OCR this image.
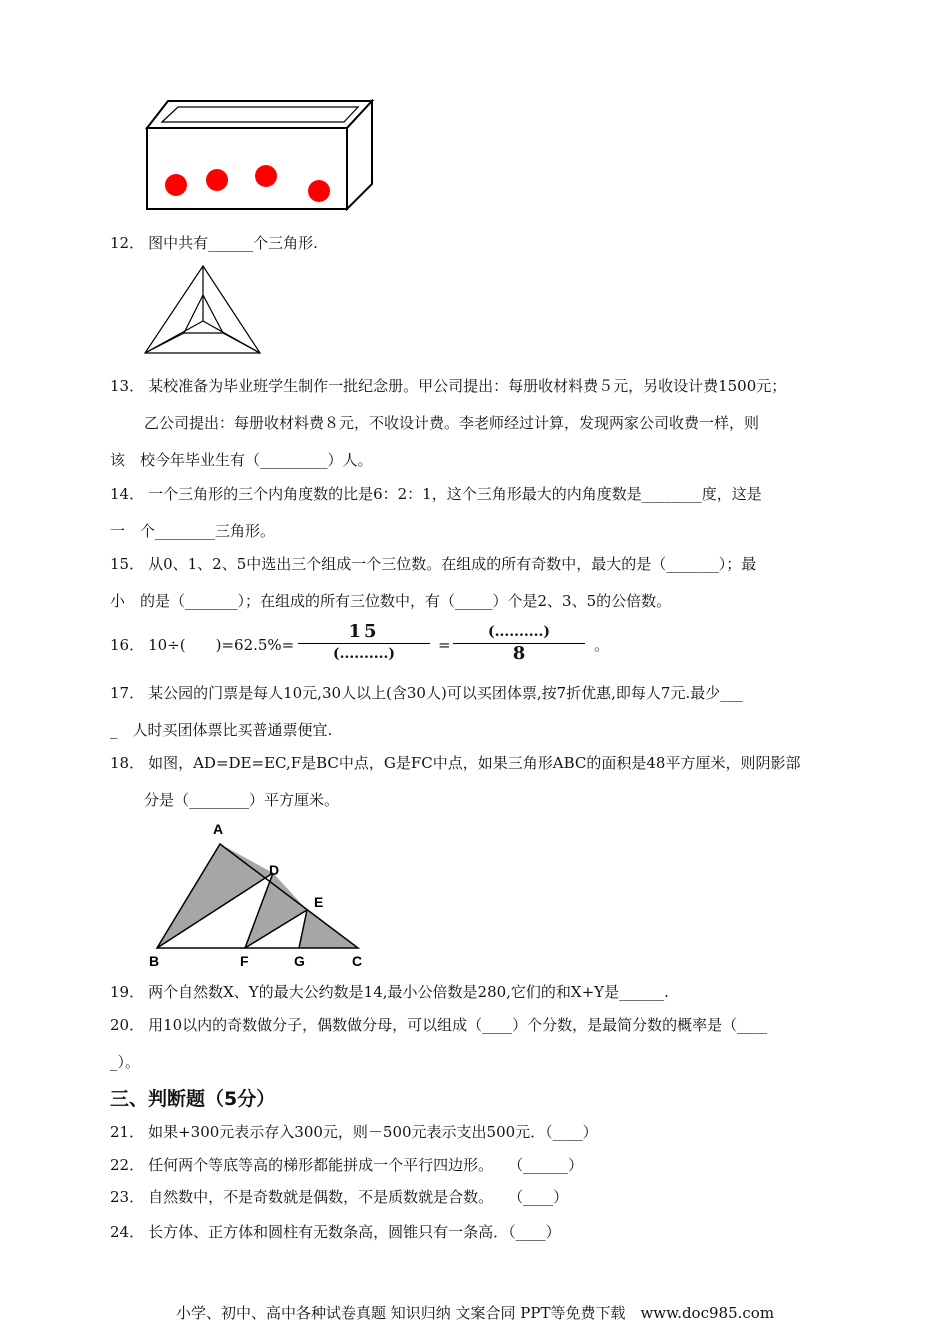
12． 图中共有______个三角形.
13． 某校准备为毕业班学生制作一批纪念册。甲公司提出：每册收材料费５元，另收设计费1500元；
乙公司提出：每册收材料费８元，不收设计费。李老师经过计算，发现两家公司收费一样，则
该　校今年毕业生有（_________）人。
14． 一个三角形的三个内角度数的比是6：2：1，这个三角形最大的内角度数是________度，这是
一　个________三角形。
15． 从0、1、2、5中选出三个组成一个三位数。在组成的所有奇数中，最大的是（_______）；最
小　的是（_______）；在组成的所有三位数中，有（_____）个是2、3、5的公倍数。
16． 10÷(　　)=62.5%=
15
(..........)	=
(..........)
8	。
17． 某公园的门票是每人10元,30人以上(含30人)可以买团体票,按7折优惠,即每人7元.最少___
_　人时买团体票比买普通票便宜.
18． 如图，AD=DE=EC,F是BC中点，G是FC中点，如果三角形ABC的面积是48平方厘米，则阴影部
分是（________）平方厘米。
A
D
E
B	F	G	C
19． 两个自然数X、Y的最大公约数是14,最小公倍数是280,它们的和X+Y是______.
20． 用10以内的奇数做分子，偶数做分母，可以组成（____）个分数，是最简分数的概率是（____
_）。
三、判断题（5分）
21． 如果+300元表示存入300元，则－500元表示支出500元．（____）
22． 任何两个等底等高的梯形都能拼成一个平行四边形。　　（______）
23． 自然数中，不是奇数就是偶数，不是质数就是合数。　　（____）
24． 长方体、正方体和圆柱有无数条高，圆锥只有一条高．（____）
小学、初中、高中各种试卷真题 知识归纳 文案合同 PPT等免费下载　www.doc985.com
